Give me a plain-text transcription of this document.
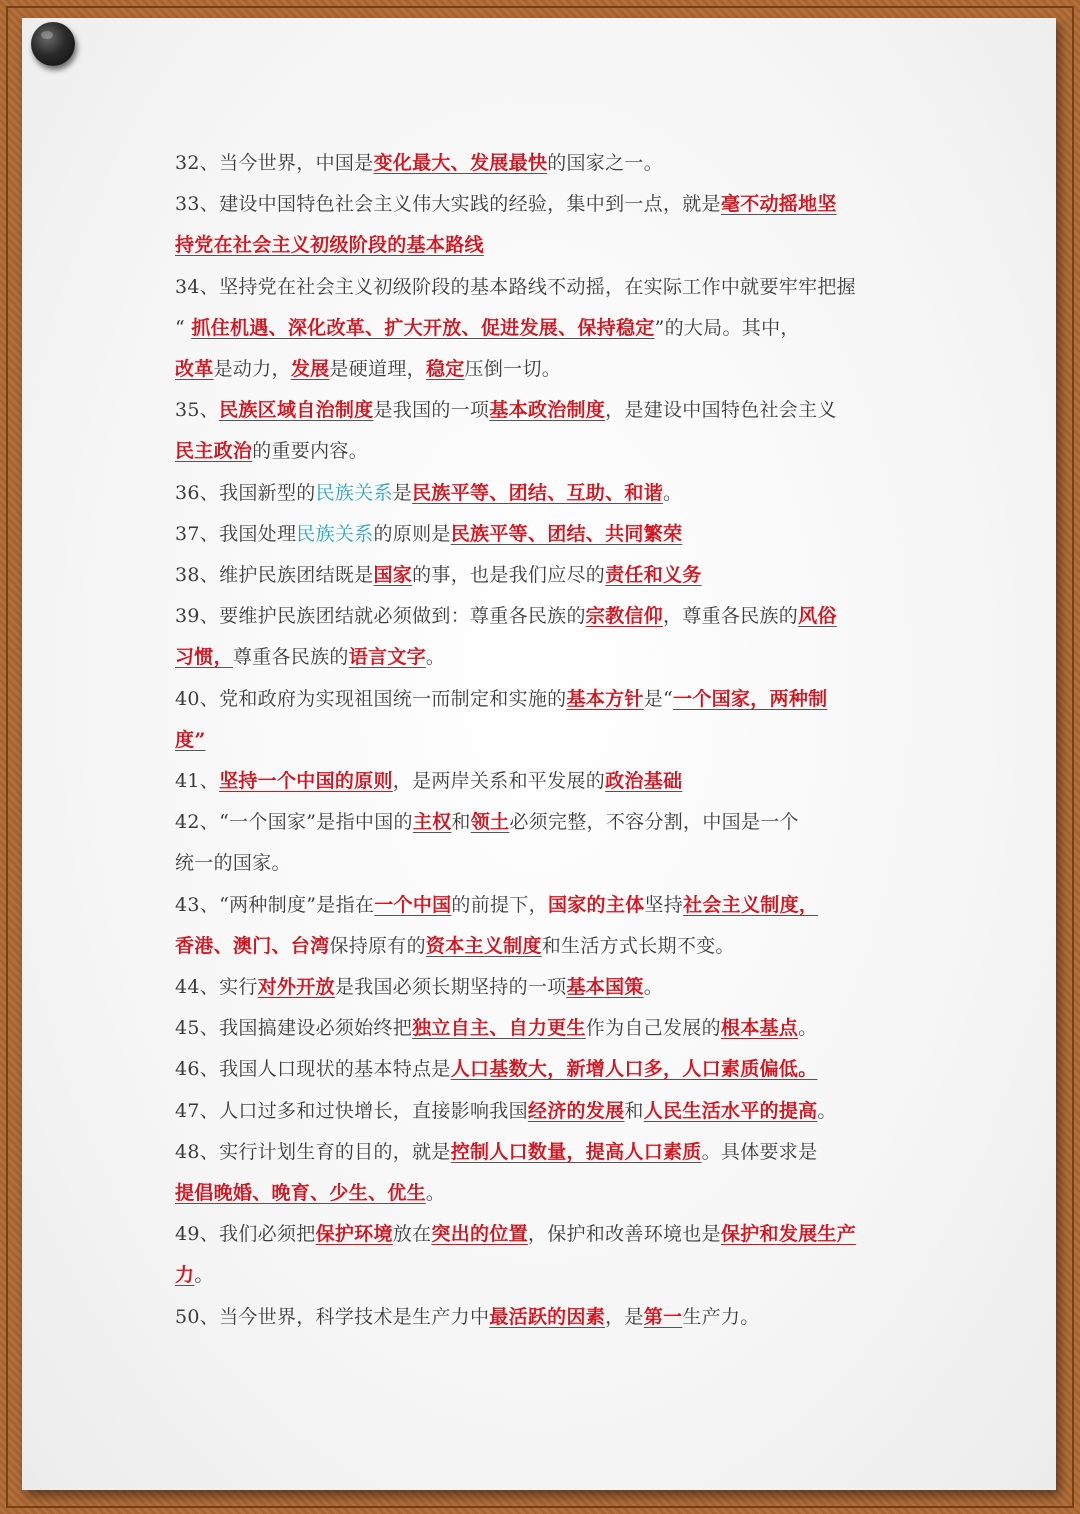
32、当今世界，中国是变化最大、发展最快的国家之一。
33、建设中国特色社会主义伟大实践的经验，集中到一点，就是毫不动摇地坚
持党在社会主义初级阶段的基本路线
34、坚持党在社会主义初级阶段的基本路线不动摇，在实际工作中就要牢牢把握
“ 抓住机遇、深化改革、扩大开放、促进发展、保持稳定”的大局。其中，
改革是动力，发展是硬道理，稳定压倒一切。
35、民族区域自治制度是我国的一项基本政治制度，是建设中国特色社会主义
民主政治的重要内容。
36、我国新型的民族关系是民族平等、团结、互助、和谐。
37、我国处理民族关系的原则是民族平等、团结、共同繁荣
38、维护民族团结既是国家的事，也是我们应尽的责任和义务
39、要维护民族团结就必须做到：尊重各民族的宗教信仰，尊重各民族的风俗
习惯，尊重各民族的语言文字。
40、党和政府为实现祖国统一而制定和实施的基本方针是“一个国家，两种制
度”
41、坚持一个中国的原则，是两岸关系和平发展的政治基础
42、“一个国家”是指中国的主权和领土必须完整，不容分割，中国是一个
统一的国家。
43、“两种制度”是指在一个中国的前提下，国家的主体坚持社会主义制度，
香港、澳门、台湾保持原有的资本主义制度和生活方式长期不变。
44、实行对外开放是我国必须长期坚持的一项基本国策。
45、我国搞建设必须始终把独立自主、自力更生作为自己发展的根本基点。
46、我国人口现状的基本特点是人口基数大，新增人口多，人口素质偏低。
47、人口过多和过快增长，直接影响我国经济的发展和人民生活水平的提高。
48、实行计划生育的目的，就是控制人口数量，提高人口素质。具体要求是
提倡晚婚、晚育、少生、优生。
49、我们必须把保护环境放在突出的位置，保护和改善环境也是保护和发展生产
力。
50、当今世界，科学技术是生产力中最活跃的因素，是第一生产力。
